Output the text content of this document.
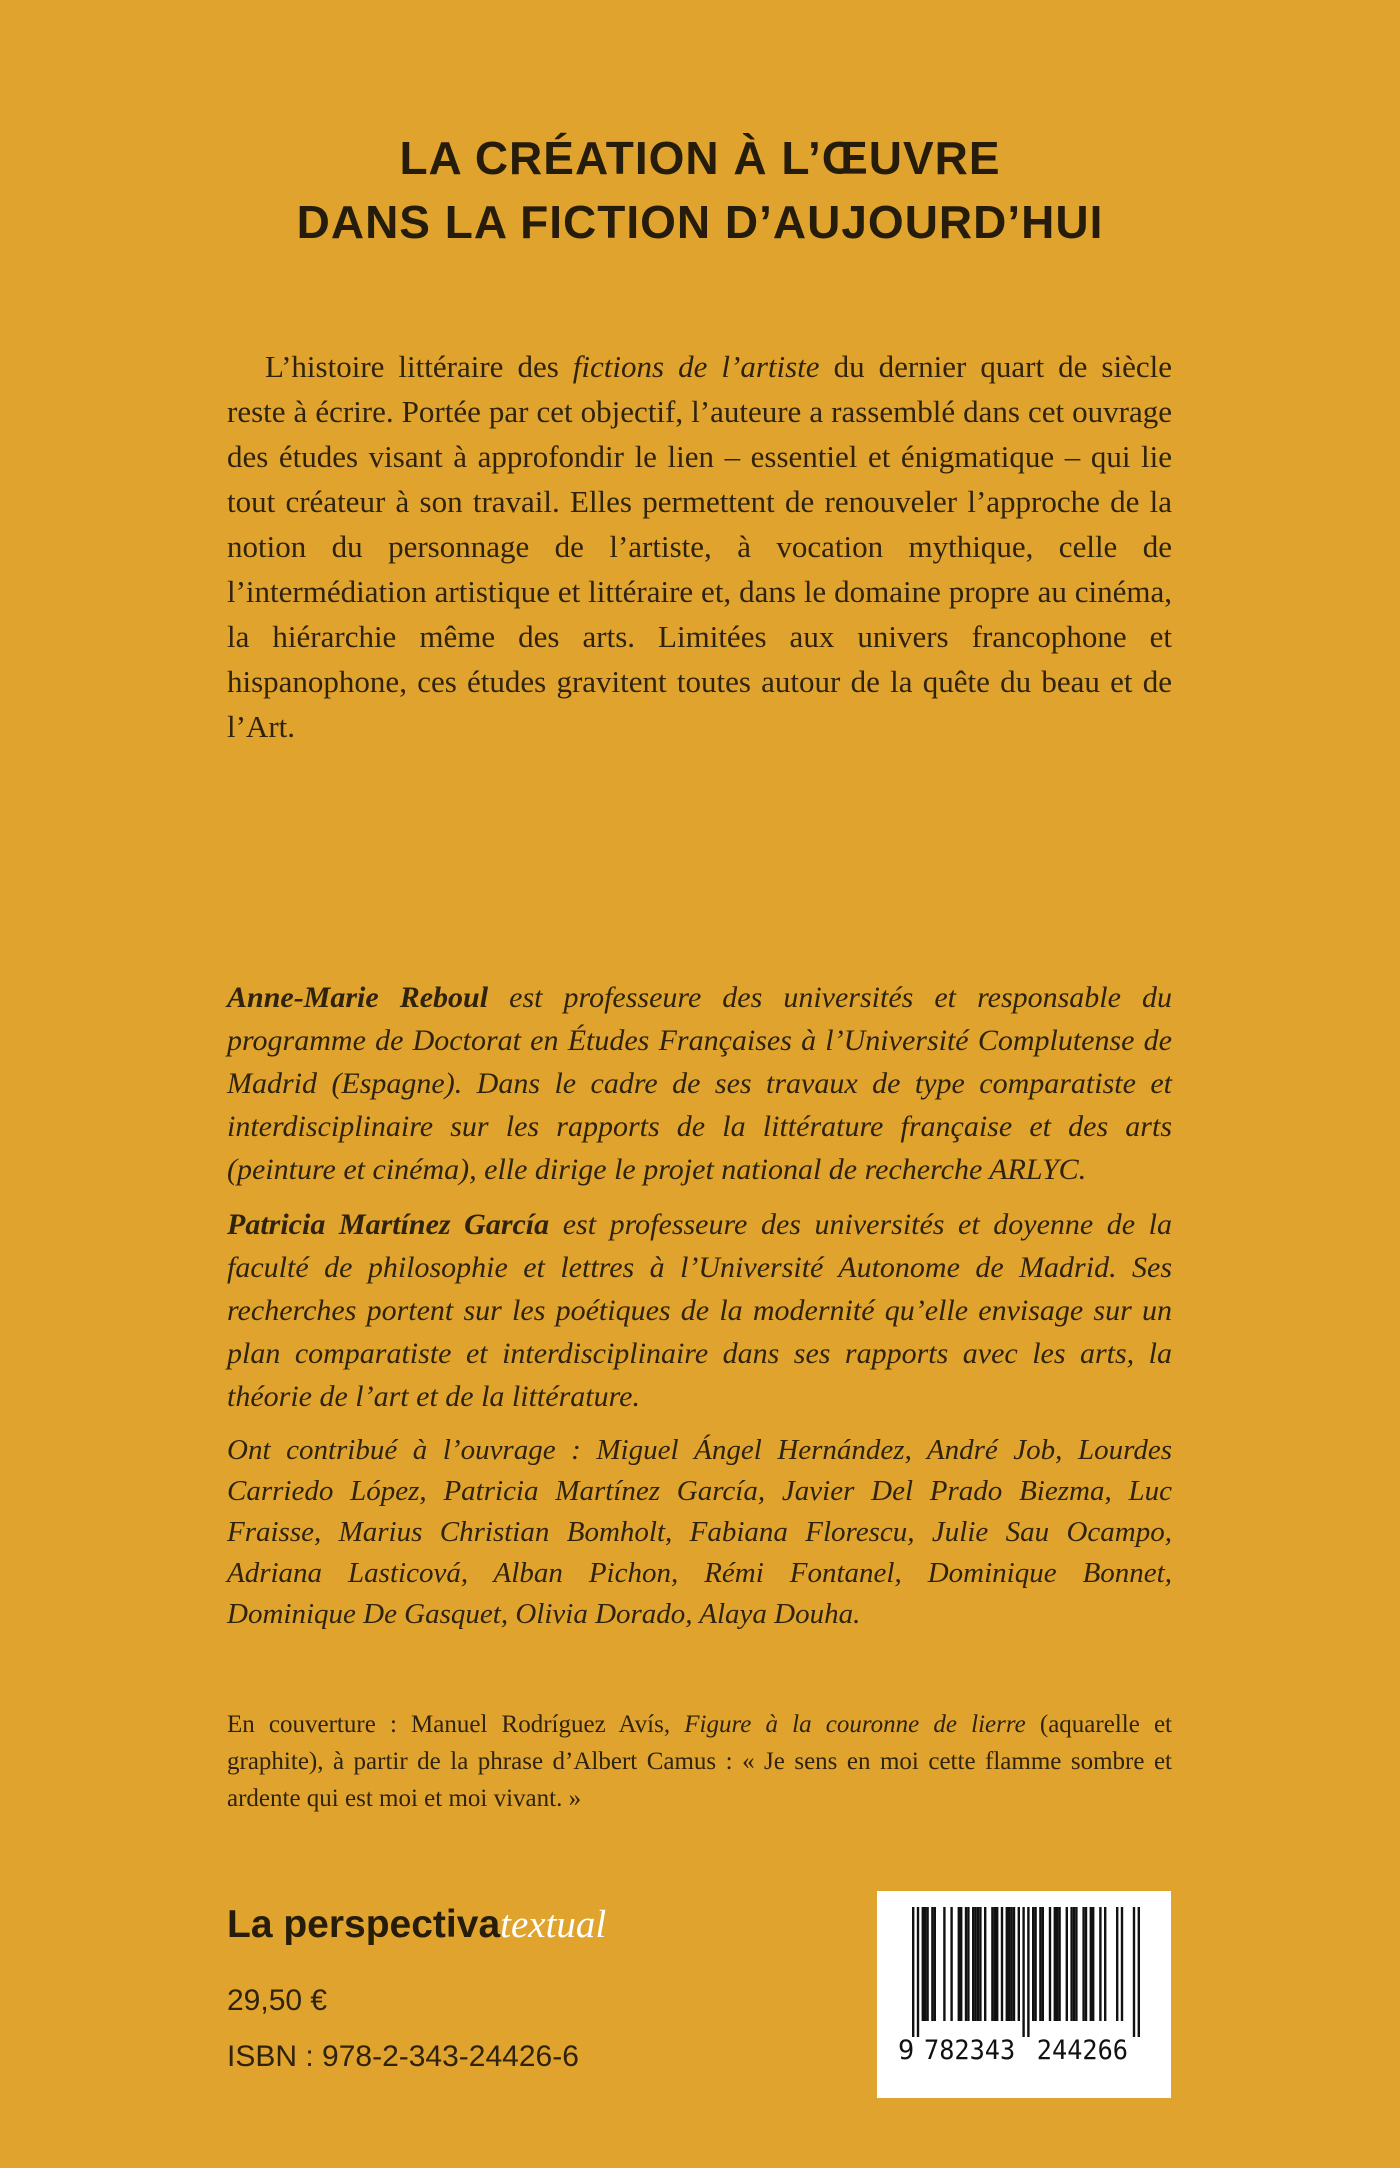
LA CRÉATION À L’ŒUVRE
DANS LA FICTION D’AUJOURD’HUI

L’histoire littéraire des fictions de l’artiste du dernier quart de siècle reste à écrire. Portée par cet objectif, l’auteure a rassemblé dans cet ouvrage des études visant à approfondir le lien – essentiel et énigmatique – qui lie tout créateur à son travail. Elles permettent de renouveler l’approche de la notion du personnage de l’artiste, à vocation mythique, celle de l’intermédiation artistique et littéraire et, dans le domaine propre au cinéma, la hiérarchie même des arts. Limitées aux univers francophone et hispanophone, ces études gravitent toutes autour de la quête du beau et de l’Art.

Anne-Marie Reboul est professeure des universités et responsable du programme de Doctorat en Études Françaises à l’Université Complutense de Madrid (Espagne). Dans le cadre de ses travaux de type comparatiste et interdisciplinaire sur les rapports de la littérature française et des arts (peinture et cinéma), elle dirige le projet national de recherche ARLYC.

Patricia Martínez García est professeure des universités et doyenne de la faculté de philosophie et lettres à l’Université Autonome de Madrid. Ses recherches portent sur les poétiques de la modernité qu’elle envisage sur un plan comparatiste et interdisciplinaire dans ses rapports avec les arts, la théorie de l’art et de la littérature.

Ont contribué à l’ouvrage : Miguel Ángel Hernández, André Job, Lourdes Carriedo López, Patricia Martínez García, Javier Del Prado Biezma, Luc Fraisse, Marius Christian Bomholt, Fabiana Florescu, Julie Sau Ocampo, Adriana Lasticová, Alban Pichon, Rémi Fontanel, Dominique Bonnet, Dominique De Gasquet, Olivia Dorado, Alaya Douha.

En couverture : Manuel Rodríguez Avís, Figure à la couronne de lierre (aquarelle et graphite), à partir de la phrase d’Albert Camus : « Je sens en moi cette flamme sombre et ardente qui est moi et moi vivant. »

La perspectivatextual
29,50 €
ISBN : 978-2-343-24426-6	9 782343 244266
